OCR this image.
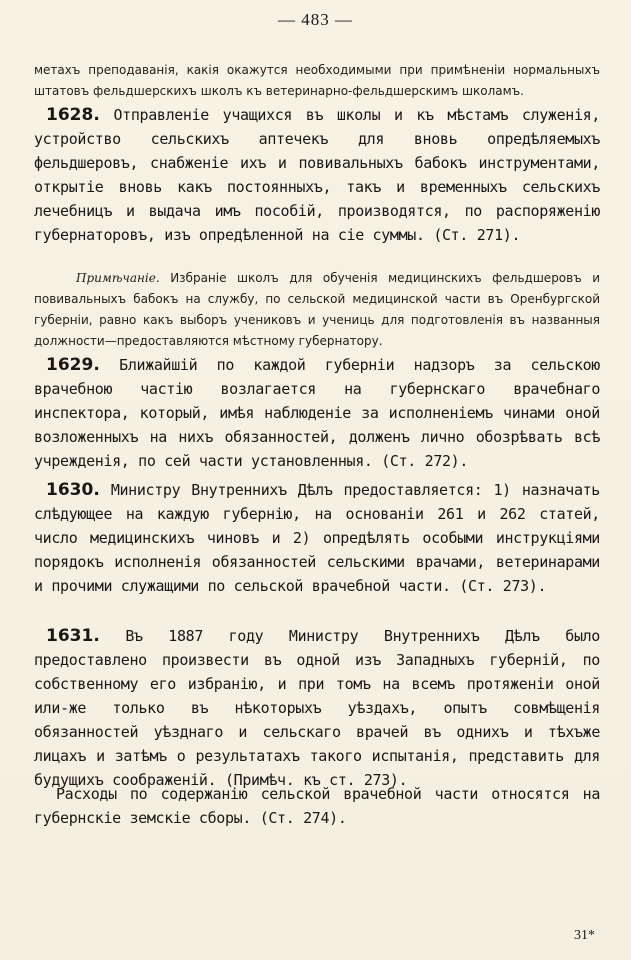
— 483 —
метахъ преподаванія, какія окажутся необходимыми при примѣненіи нормальныхъ штатовъ фельдшерскихъ школъ къ ветеринарно-фельдшерскимъ школамъ.
1628. Отправленіе учащихся въ школы и къ мѣстамъ служенія, устройство сельскихъ аптечекъ для вновь опредѣляемыхъ фельдшеровъ, снабженіе ихъ и повивальныхъ бабокъ инструментами, открытіе вновь какъ постоянныхъ, такъ и временныхъ сельскихъ лечебницъ и выдача имъ пособій, производятся, по распоряженію губернаторовъ, изъ опредѣленной на сіе суммы. (Ст. 271).
Примѣчаніе. Избраніе школъ для обученія медицинскихъ фельдшеровъ и повивальныхъ бабокъ на службу, по сельской медицинской части въ Оренбургской губерніи, равно какъ выборъ учениковъ и учениць для подготовленія въ названныя должности—предоставляются мѣстному губернатору.
1629. Ближайшій по каждой губерніи надзоръ за сельскою врачебною частію возлагается на губернскаго врачебнаго инспектора, который, имѣя наблюденіе за исполненіемъ чинами оной возложенныхъ на нихъ обязанностей, долженъ лично обозрѣвать всѣ учрежденія, по сей части установленныя. (Ст. 272).
1630. Министру Внутреннихъ Дѣлъ предоставляется: 1) назначать слѣдующее на каждую губернію, на основаніи 261 и 262 статей, число медицинскихъ чиновъ и 2) опредѣлять особыми инструкціями порядокъ исполненія обязанностей сельскими врачами, ветеринарами и прочими служащими по сельской врачебной части. (Ст. 273).
1631. Въ 1887 году Министру Внутреннихъ Дѣлъ было предоставлено произвести въ одной изъ Западныхъ губерній, по собственному его избранію, и при томъ на всемъ протяженіи оной или-же только въ нѣкоторыхъ уѣздахъ, опытъ совмѣщенія обязанностей уѣзднаго и сельскаго врачей въ однихъ и тѣхъже лицахъ и затѣмъ о результатахъ такого испытанія, представить для будущихъ соображеній. (Примѣч. къ ст. 273).
Расходы по содержанію сельской врачебной части относятся на губернскіе земскіе сборы. (Ст. 274).
31*
